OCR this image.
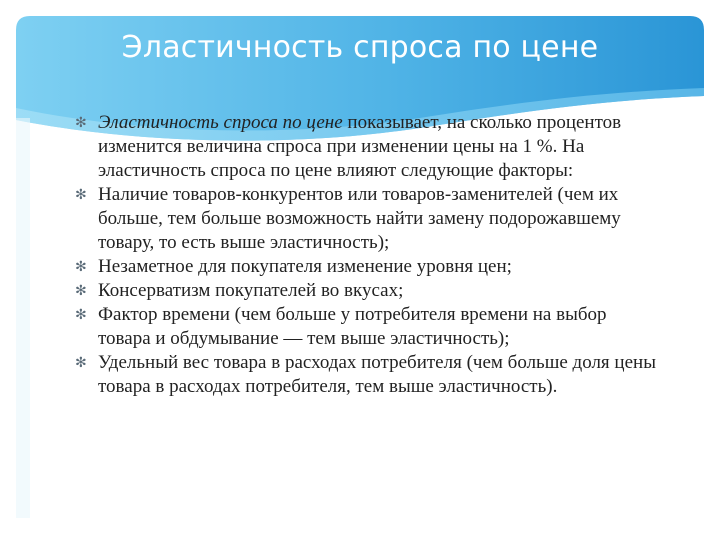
Эластичность спроса по цене
✻ Эластичность спроса по цене показывает, на сколько процентов изменится величина спроса при изменении цены на 1 %. На эластичность спроса по цене влияют следующие факторы:
✻ Наличие товаров-конкурентов или товаров-заменителей (чем их больше, тем больше возможность найти замену подорожавшему товару, то есть выше эластичность);
✻ Незаметное для покупателя изменение уровня цен;
✻ Консерватизм покупателей во вкусах;
✻ Фактор времени (чем больше у потребителя времени на выбор товара и обдумывание — тем выше эластичность);
✻ Удельный вес товара в расходах потребителя (чем больше доля цены товара в расходах потребителя, тем выше эластичность).
